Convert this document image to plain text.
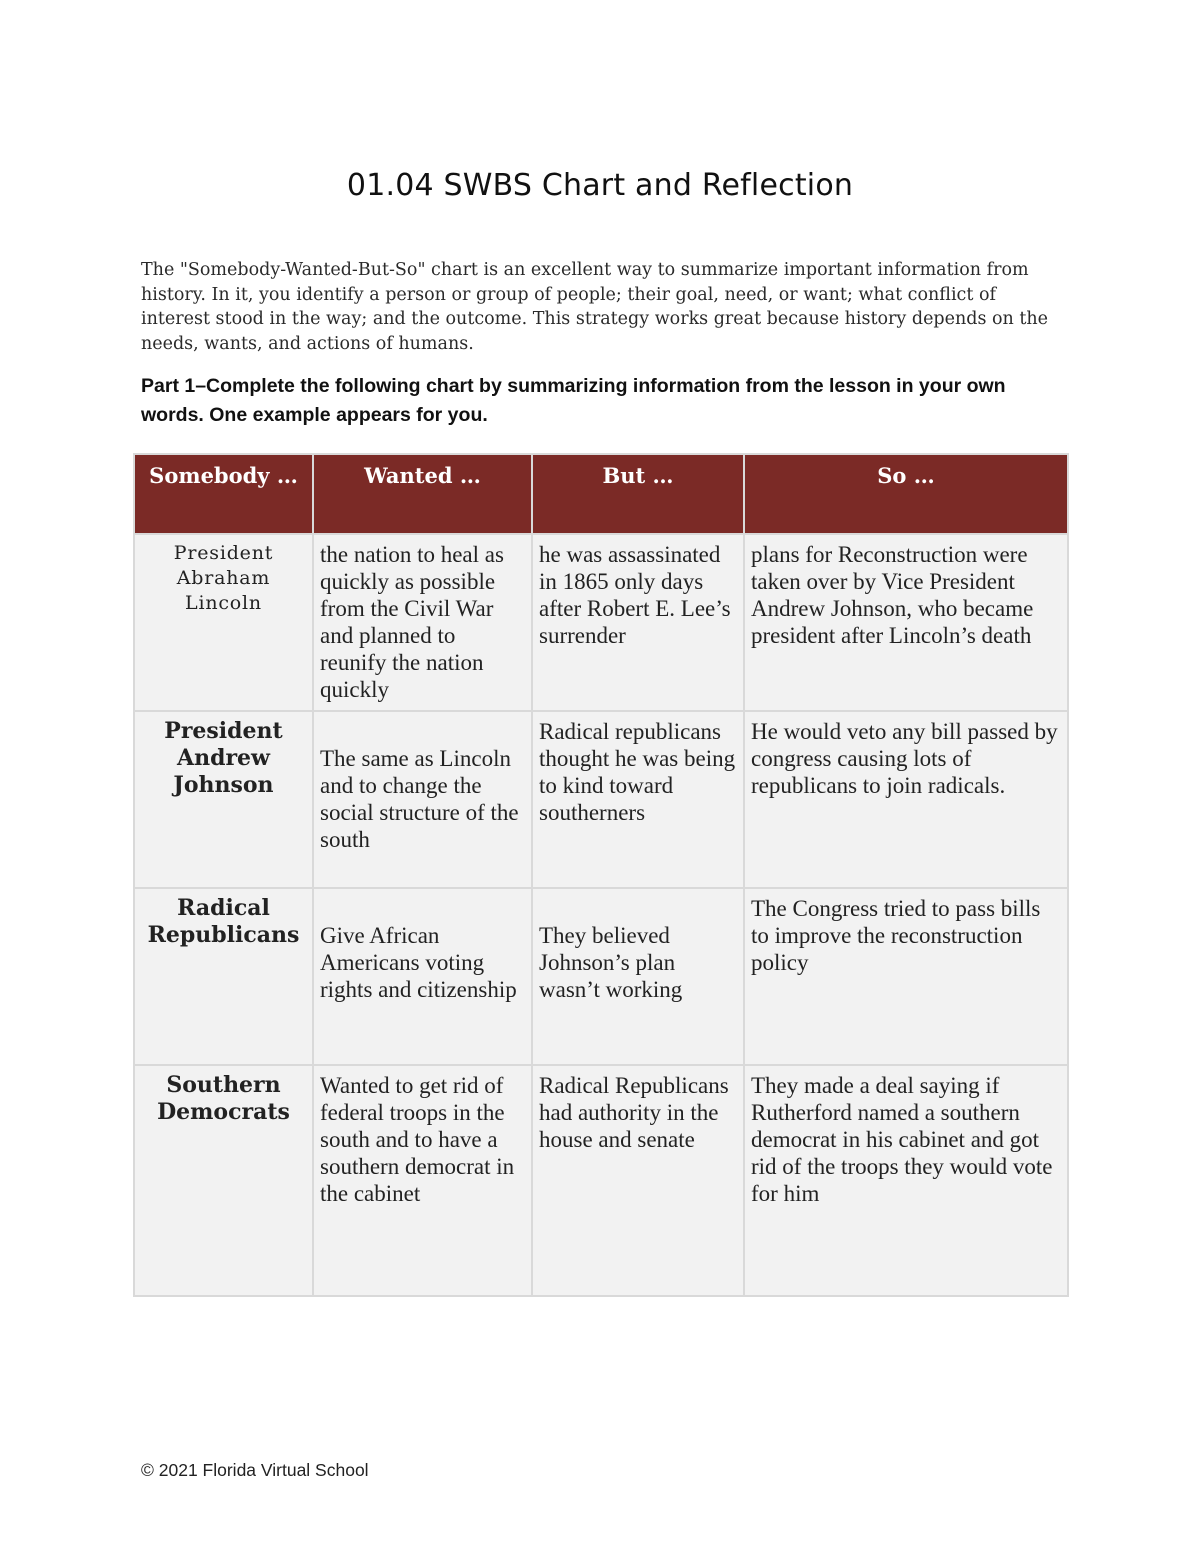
01.04 SWBS Chart and Reflection
The "Somebody-Wanted-But-So" chart is an excellent way to summarize important information from history. In it, you identify a person or group of people; their goal, need, or want; what conflict of interest stood in the way; and the outcome. This strategy works great because history depends on the needs, wants, and actions of humans.
Part 1–Complete the following chart by summarizing information from the lesson in your own words. One example appears for you.
Somebody …	Wanted …	But …	So …
President Abraham Lincoln	the nation to heal as quickly as possible from the Civil War and planned to reunify the nation quickly	he was assassinated in 1865 only days after Robert E. Lee’s surrender	plans for Reconstruction were taken over by Vice President Andrew Johnson, who became president after Lincoln’s death
President Andrew Johnson	The same as Lincoln and to change the social structure of the south	Radical republicans thought he was being to kind toward southerners	He would veto any bill passed by congress causing lots of republicans to join radicals.
Radical Republicans	Give African Americans voting rights and citizenship	They believed Johnson’s plan wasn’t working	The Congress tried to pass bills to improve the reconstruction policy
Southern Democrats	Wanted to get rid of federal troops in the south and to have a southern democrat in the cabinet	Radical Republicans had authority in the house and senate	They made a deal saying if Rutherford named a southern democrat in his cabinet and got rid of the troops they would vote for him
© 2021 Florida Virtual School
